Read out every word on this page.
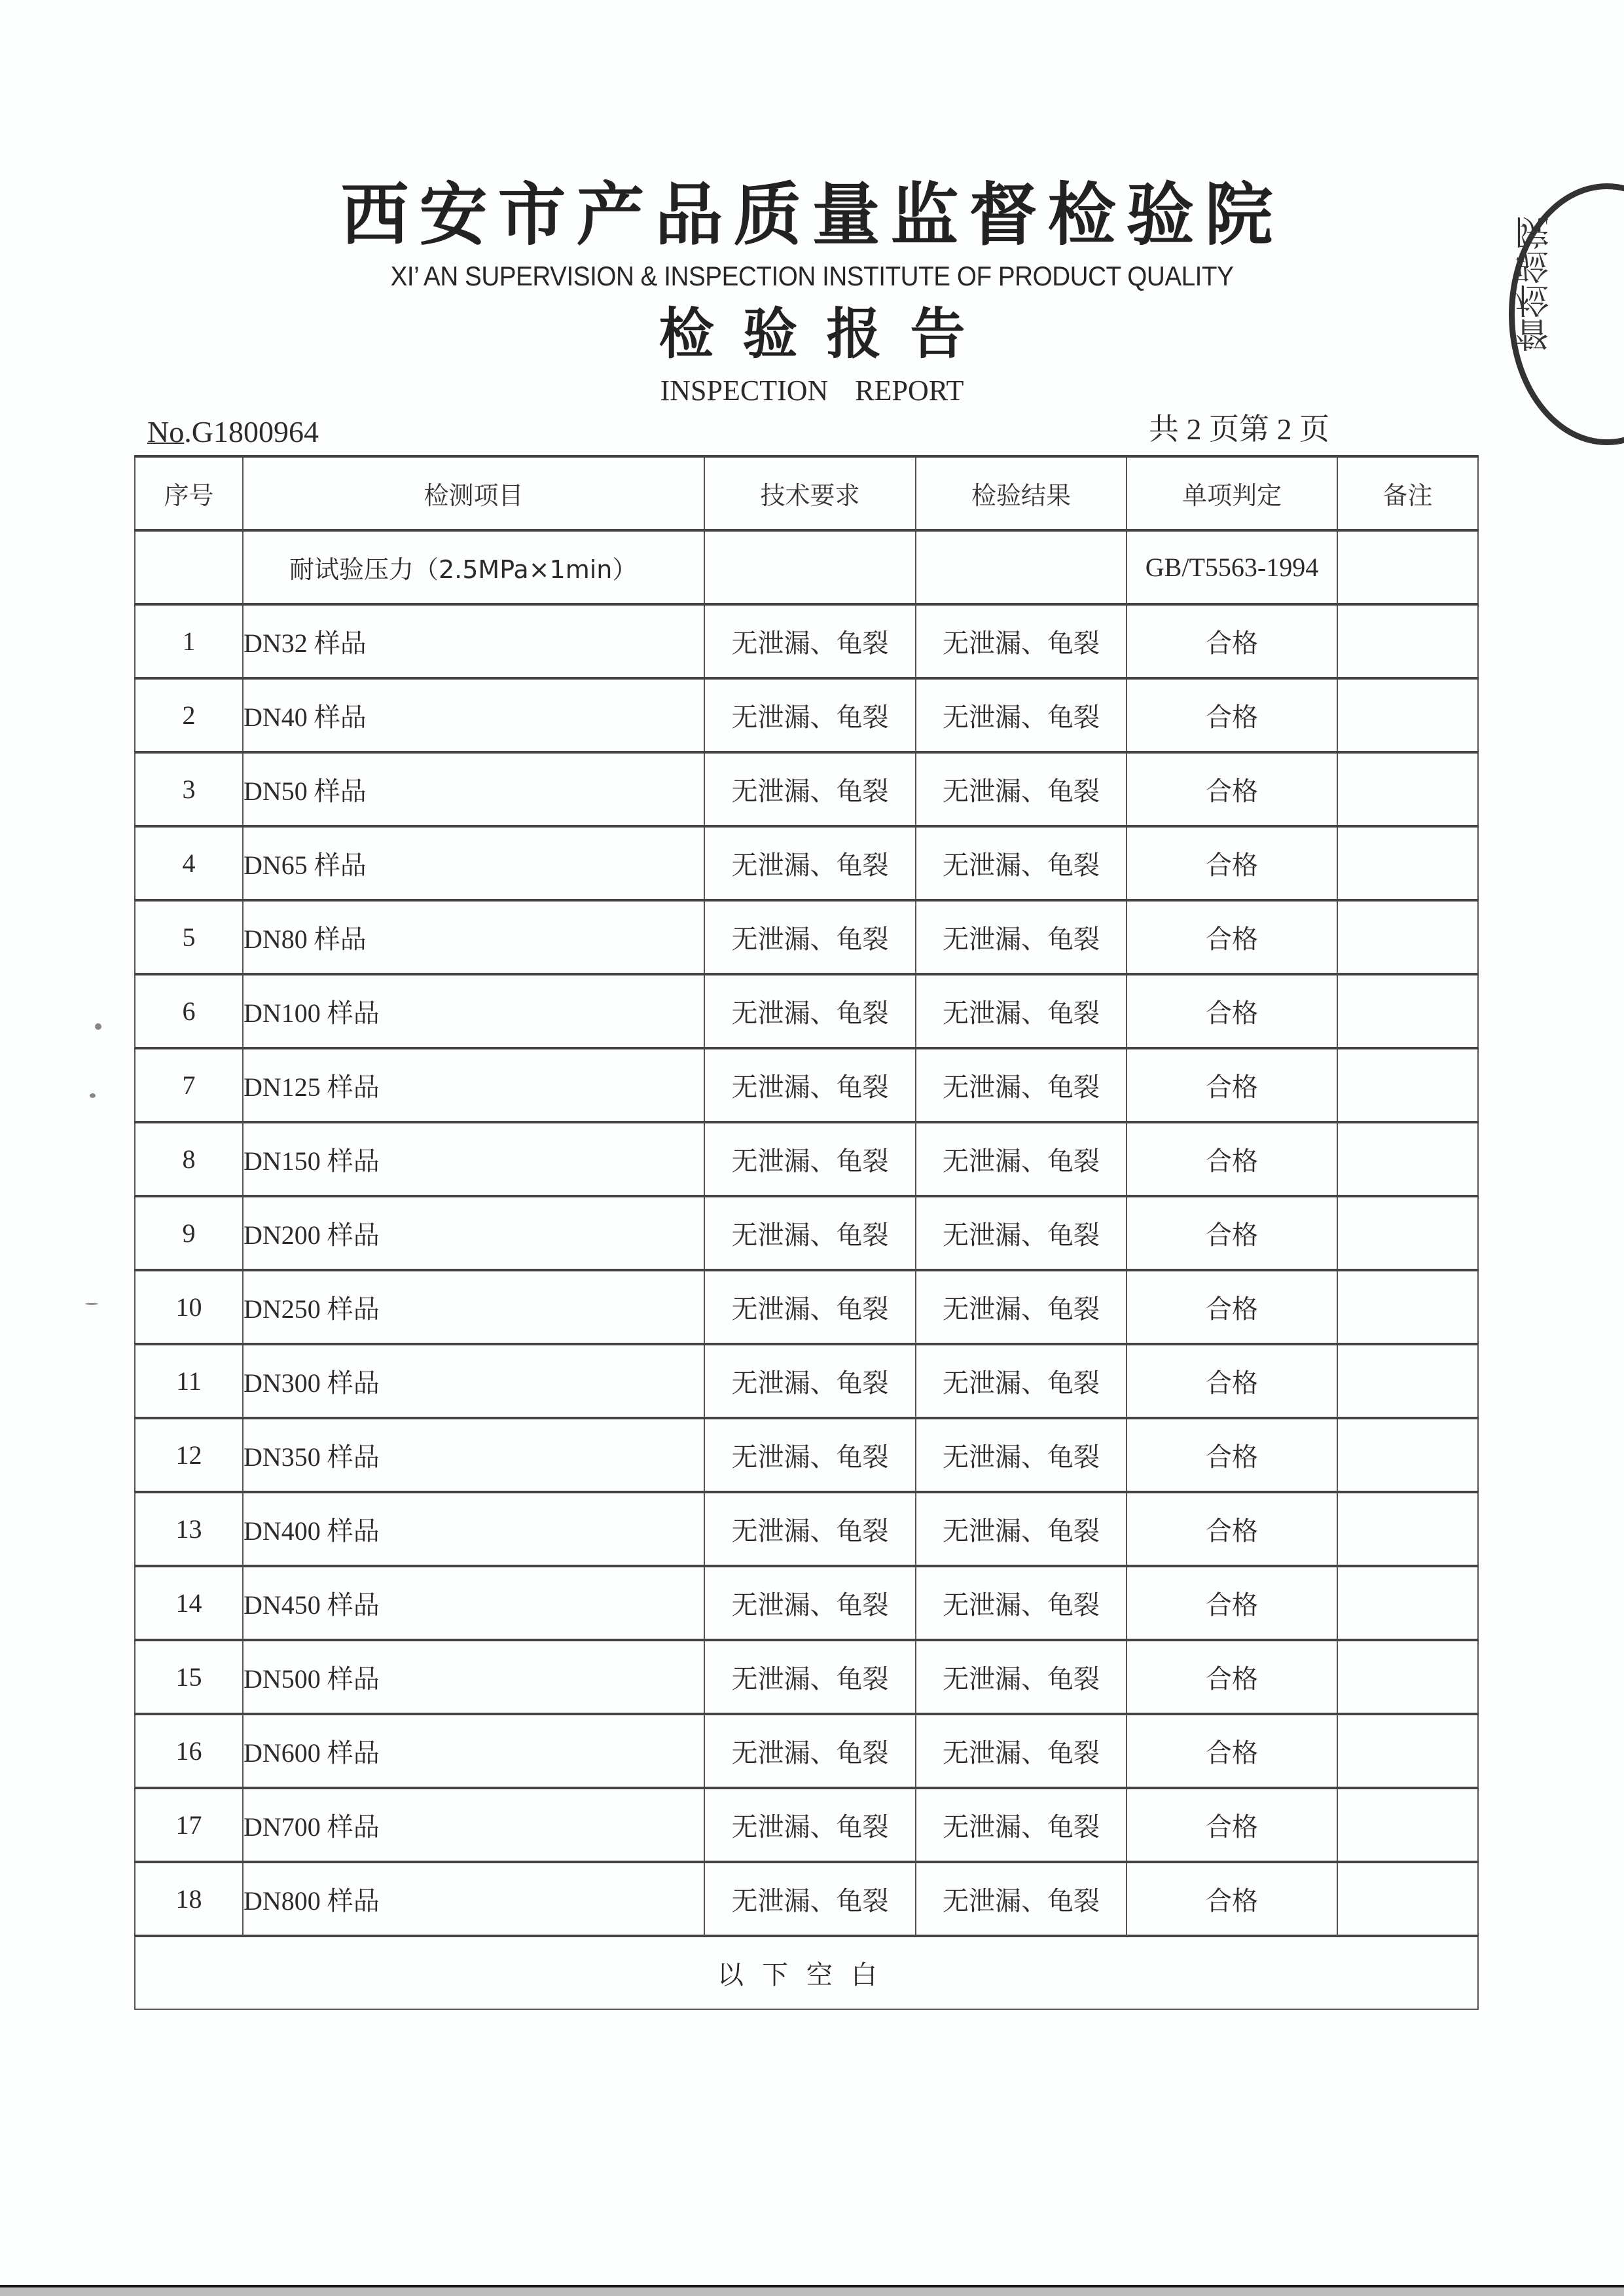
西安市产品质量监督检验院
XI’ AN SUPERVISION & INSPECTION INSTITUTE OF PRODUCT QUALITY
检验报告
INSPECTION REPORT
No.G1800964	共 2 页第 2 页
督检验院
序号	检测项目	技术要求	检验结果	单项判定	备注
	耐试验压力（2.5MPa×1min）			GB/T5563-1994	
1	DN32 样品	无泄漏、龟裂	无泄漏、龟裂	合格	
2	DN40 样品	无泄漏、龟裂	无泄漏、龟裂	合格	
3	DN50 样品	无泄漏、龟裂	无泄漏、龟裂	合格	
4	DN65 样品	无泄漏、龟裂	无泄漏、龟裂	合格	
5	DN80 样品	无泄漏、龟裂	无泄漏、龟裂	合格	
6	DN100 样品	无泄漏、龟裂	无泄漏、龟裂	合格	
7	DN125 样品	无泄漏、龟裂	无泄漏、龟裂	合格	
8	DN150 样品	无泄漏、龟裂	无泄漏、龟裂	合格	
9	DN200 样品	无泄漏、龟裂	无泄漏、龟裂	合格	
10	DN250 样品	无泄漏、龟裂	无泄漏、龟裂	合格	
11	DN300 样品	无泄漏、龟裂	无泄漏、龟裂	合格	
12	DN350 样品	无泄漏、龟裂	无泄漏、龟裂	合格	
13	DN400 样品	无泄漏、龟裂	无泄漏、龟裂	合格	
14	DN450 样品	无泄漏、龟裂	无泄漏、龟裂	合格	
15	DN500 样品	无泄漏、龟裂	无泄漏、龟裂	合格	
16	DN600 样品	无泄漏、龟裂	无泄漏、龟裂	合格	
17	DN700 样品	无泄漏、龟裂	无泄漏、龟裂	合格	
18	DN800 样品	无泄漏、龟裂	无泄漏、龟裂	合格	
以下空白					
